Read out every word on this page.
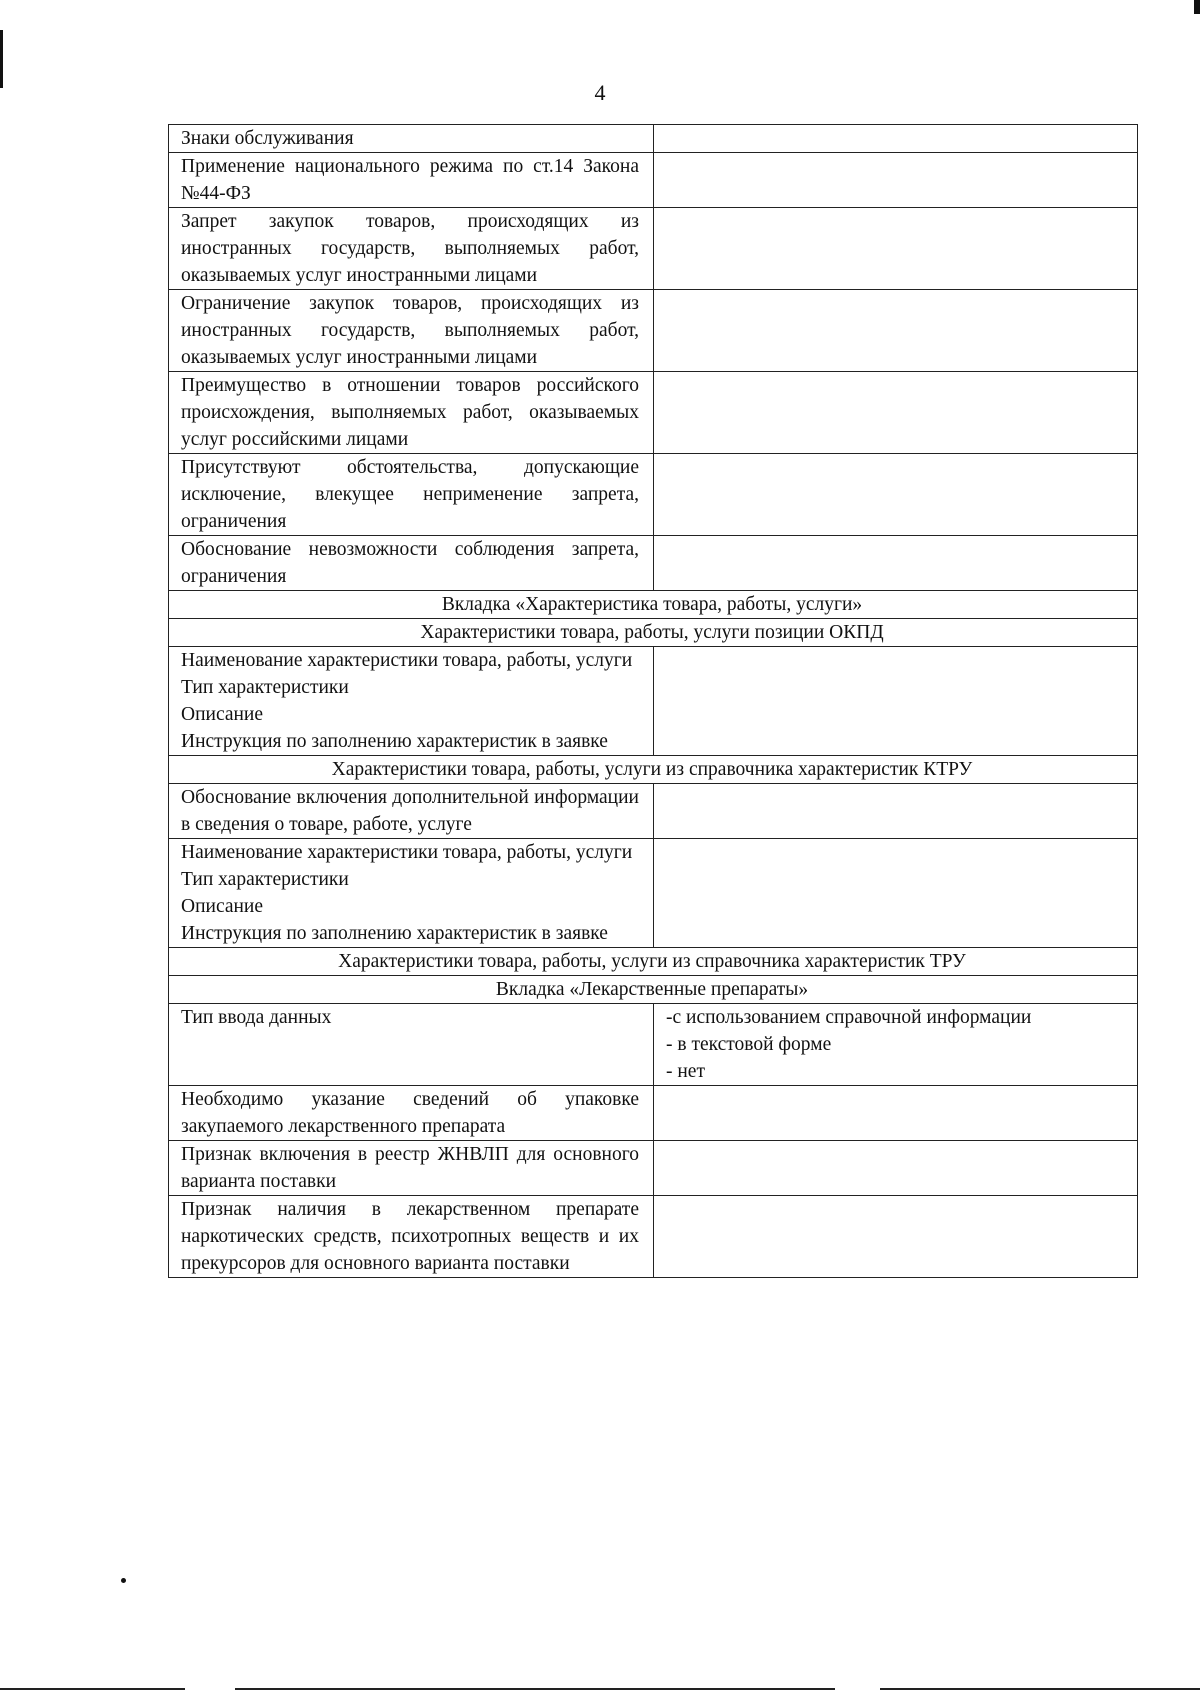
4
Знаки обслуживания	
Применение национального режима по ст.14 Закона №44-ФЗ	
Запрет закупок товаров, происходящих из иностранных государств, выполняемых работ, оказываемых услуг иностранными лицами	
Ограничение закупок товаров, происходящих из иностранных государств, выполняемых работ, оказываемых услуг иностранными лицами	
Преимущество в отношении товаров российского происхождения, выполняемых работ, оказываемых услуг российскими лицами	
Присутствуют обстоятельства, допускающие исключение, влекущее неприменение запрета, ограничения	
Обоснование невозможности соблюдения запрета, ограничения	
Вкладка «Характеристика товара, работы, услуги»	
Характеристики товара, работы, услуги позиции ОКПД	

Наименование характеристики товара, работы, услуги
Тип характеристики
Описание
Инструкция по заполнению характеристик в заявке	

Характеристики товара, работы, услуги из справочника характеристик КТРУ	
Обоснование включения дополнительной информации в сведения о товаре, работе, услуге	

Наименование характеристики товара, работы, услуги
Тип характеристики
Описание
Инструкция по заполнению характеристик в заявке	

Характеристики товара, работы, услуги из справочника характеристик ТРУ	
Вкладка «Лекарственные препараты»	
Тип ввода данных	-с использованием справочной информации
- в текстовой форме
- нет

Необходимо указание сведений об упаковке закупаемого лекарственного препарата	
Признак включения в реестр ЖНВЛП для основного варианта поставки	
Признак наличия в лекарственном препарате наркотических средств, психотропных веществ и их прекурсоров для основного варианта поставки	
